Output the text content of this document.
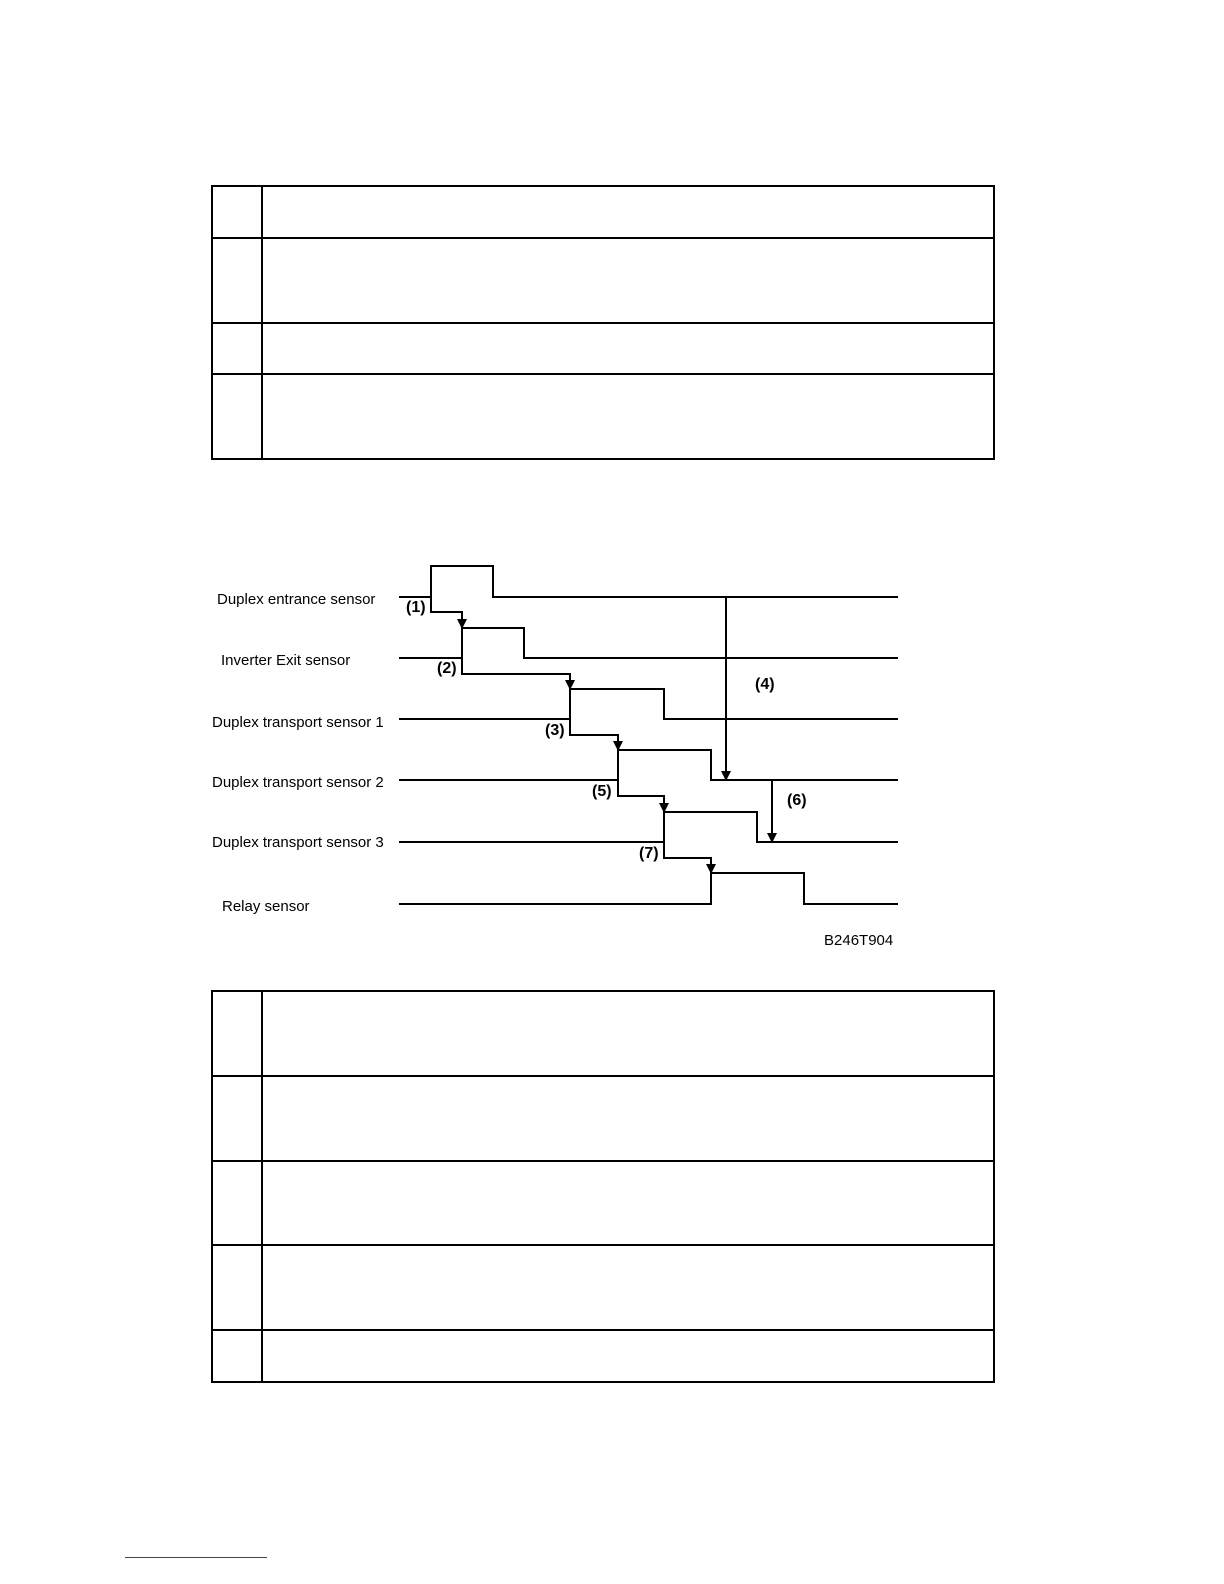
Duplex entrance sensor
Inverter Exit sensor
Duplex transport sensor 1
Duplex transport sensor 2
Duplex transport sensor 3
Relay sensor
(1)
(2)
(3)
(4)
(5)
(6)
(7)
B246T904
